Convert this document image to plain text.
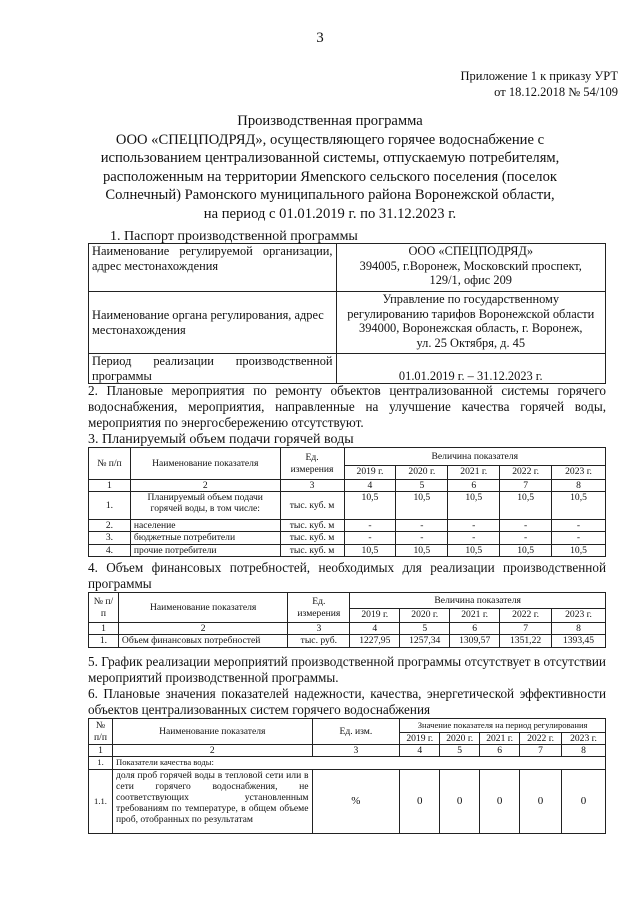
3
Приложение 1 к приказу УРТ
от 18.12.2018 № 54/109
Производственная программа
ООО «СПЕЦПОДРЯД», осуществляющего горячее водоснабжение с
использованием централизованной системы, отпускаемую потребителям,
расположенным на территории Ямenского сельского поселения (поселок
Солнечный) Рамонского муниципального района Воронежской области,
на период с 01.01.2019 г. по 31.12.2023 г.
1. Паспорт производственной программы
Наименование регулируемой организации, адрес местонахождения	ООО «СПЕЦПОДРЯД»
394005, г.Воронеж, Московский проспект,
129/1, офис 209

Наименование органа регулирования, адрес местонахождения	Управление по государственному
регулированию тарифов Воронежской области
394000, Воронежская область, г. Воронеж,
ул. 25 Октября, д. 45

Период реализации производственной программы	01.01.2019 г. – 31.12.2023 г.
2. Плановые мероприятия по ремонту объектов централизованной системы горячего водоснабжения, мероприятия, направленные на улучшение качества горячей воды, мероприятия по энергосбережению отсутствуют.
3. Планируемый объем подачи горячей воды
№ п/п	Наименование показателя	Ед. измерения	Величина показателя				
			2019 г.	2020 г.	2021 г.	2022 г.	2023 г.
1	2	3	4	5	6	7	8
1.	Планируемый объем подачи горячей воды, в том числе:	тыс. куб. м	10,5	10,5	10,5	10,5	10,5
2.	население	тыс. куб. м	-	-	-	-	-
3.	бюджетные потребители	тыс. куб. м	-	-	-	-	-
4.	прочие потребители	тыс. куб. м	10,5	10,5	10,5	10,5	10,5
4. Объем финансовых потребностей, необходимых для реализации производственной программы
№ п/п	Наименование показателя	Ед. измерения	Величина показателя				
			2019 г.	2020 г.	2021 г.	2022 г.	2023 г.
1	2	3	4	5	6	7	8
1.	Объем финансовых потребностей	тыс. руб.	1227,95	1257,34	1309,57	1351,22	1393,45
5. График реализации мероприятий производственной программы отсутствует в отсутствии мероприятий производственной программы.
6. Плановые значения показателей надежности, качества, энергетической эффективности объектов централизованных систем горячего водоснабжения
№ п/п	Наименование показателя	Ед. изм.	Значение показателя на период регулирования				
			2019 г.	2020 г.	2021 г.	2022 г.	2023 г.
1	2	3	4	5	6	7	8
1.	Показатели качества воды:						
1.1.	доля проб горячей воды в тепловой сети или в сети горячего водоснабжения, не соответствующих установленным требованиям по температуре, в общем объеме проб, отобранных по результатам	%	0	0	0	0	0
